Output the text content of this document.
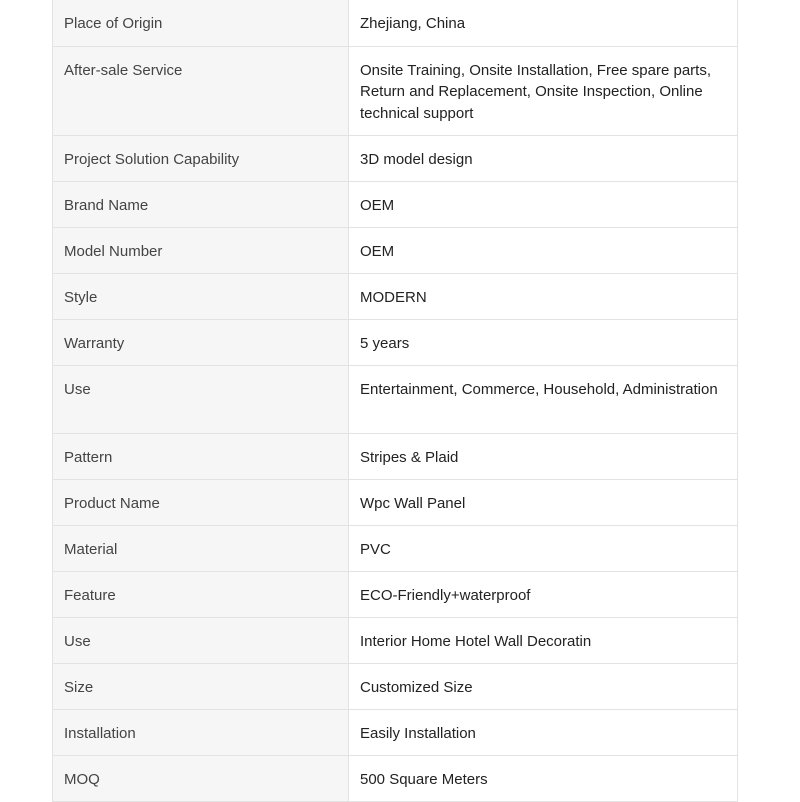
Place of Origin	Zhejiang, China
After-sale Service	Onsite Training, Onsite Installation, Free spare parts, Return and Replacement, Onsite Inspection, Online technical support
Project Solution Capability	3D model design
Brand Name	OEM
Model Number	OEM
Style	MODERN
Warranty	5 years
Use	Entertainment, Commerce, Household, Administration
Pattern	Stripes & Plaid
Product Name	Wpc Wall Panel
Material	PVC
Feature	ECO-Friendly+waterproof
Use	Interior Home Hotel Wall Decoratin
Size	Customized Size
Installation	Easily Installation
MOQ	500 Square Meters
